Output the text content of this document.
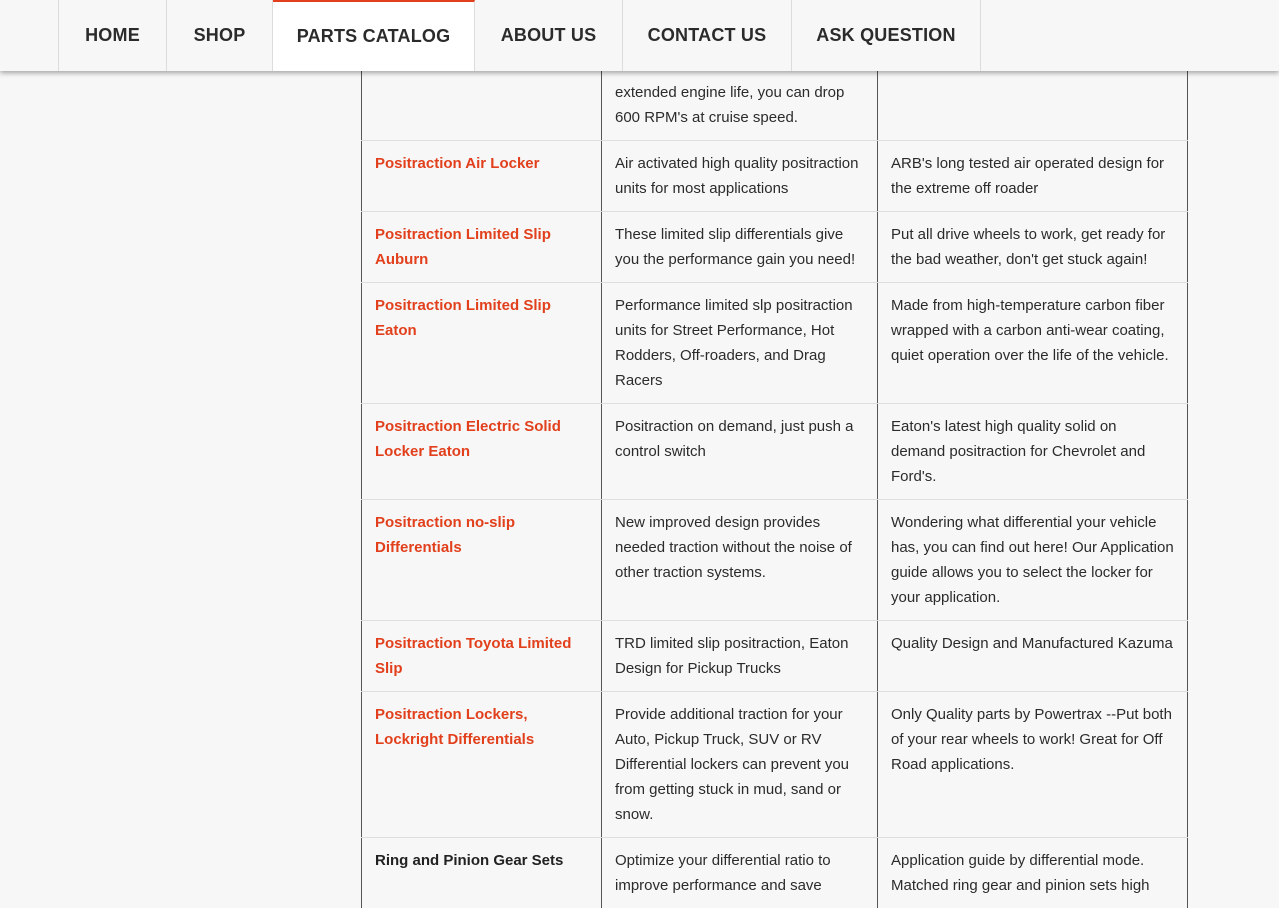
	extended engine life, you can drop 600 RPM's at cruise speed.	
Positraction Air Locker	Air activated high quality positraction units for most applications	ARB's long tested air operated design for the extreme off roader
Positraction Limited Slip Auburn	These limited slip differentials give you the performance gain you need!	Put all drive wheels to work, get ready for the bad weather, don't get stuck again!
Positraction Limited Slip Eaton	Performance limited slp positraction units for Street Performance, Hot Rodders, Off-roaders, and Drag Racers	Made from high-temperature carbon fiber wrapped with a carbon anti-wear coating, quiet operation over the life of the vehicle.
Positraction Electric Solid Locker Eaton	Positraction on demand, just push a control switch	Eaton's latest high quality solid on demand positraction for Chevrolet and Ford's.
Positraction no-slip Differentials	New improved design provides needed traction without the noise of other traction systems.	Wondering what differential your vehicle has, you can find out here! Our Application guide allows you to select the locker for your application.
Positraction Toyota Limited Slip	TRD limited slip positraction, Eaton Design for Pickup Trucks	Quality Design and Manufactured Kazuma
Positraction Lockers, Lockright Differentials	Provide additional traction for your Auto, Pickup Truck, SUV or RV Differential lockers can prevent you from getting stuck in mud, sand or snow.	Only Quality parts by Powertrax --Put both of your rear wheels to work! Great for Off Road applications.
Ring and Pinion Gear Sets	Optimize your differential ratio to improve performance and save	Application guide by differential mode. Matched ring gear and pinion sets high
HOME	SHOP	PARTS CATALOG	ABOUT US	CONTACT US	ASK QUESTION
